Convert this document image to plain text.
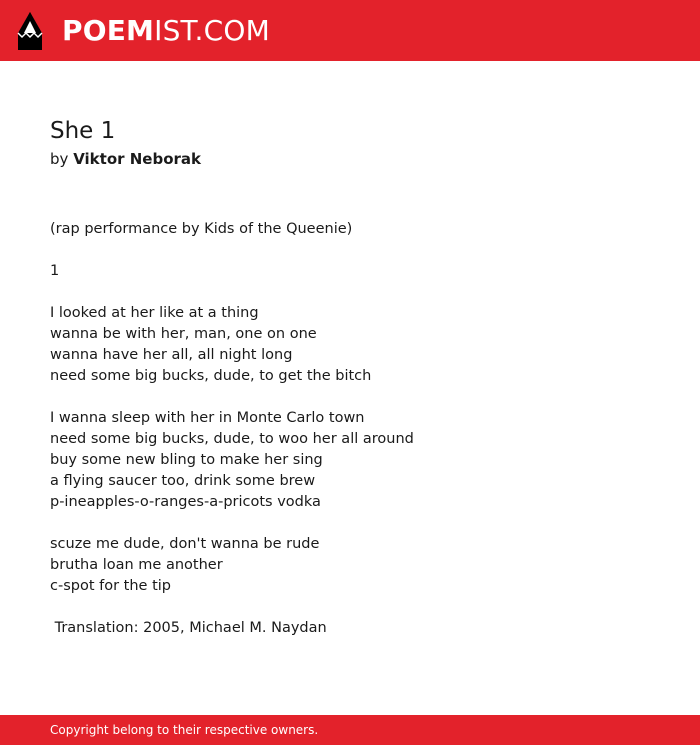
POEMIST.COM
She 1
by Viktor Neborak
(rap performance by Kids of the Queenie)
1
I looked at her like at a thing
wanna be with her, man, one on one
wanna have her all, all night long
need some big bucks, dude, to get the bitch
I wanna sleep with her in Monte Carlo town
need some big bucks, dude, to woo her all around
buy some new bling to make her sing
a flying saucer too, drink some brew
p-ineapples-o-ranges-a-pricots vodka
scuze me dude, don't wanna be rude
brutha loan me another
c-spot for the tip
Translation: 2005, Michael M. Naydan
Copyright belong to their respective owners.
